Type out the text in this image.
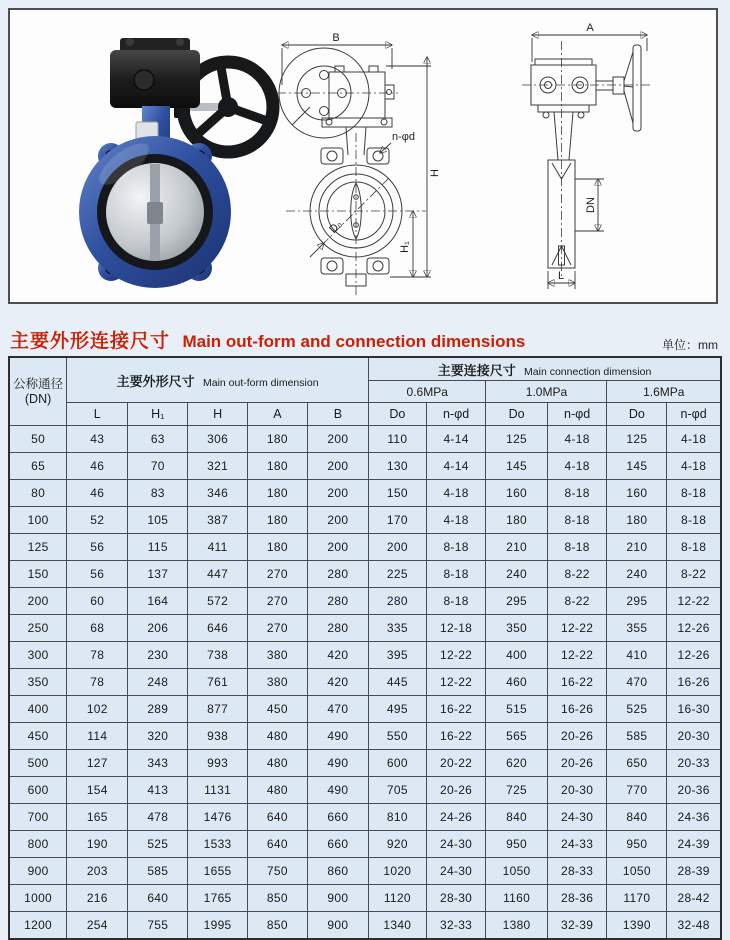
B
H
H₁
n-φd
D₀
A
DN
L
主要外形连接尺寸 Main out-form and connection dimensions	单位：mm
公称通径
(DN)	主要外形尺寸 Main out-form dimension					主要连接尺寸 Main connection dimension					
						0.6MPa		1.0MPa		1.6MPa	
	L	H₁	H	A	B	Do	n-φd	Do	n-φd	Do	n-φd
50	43	63	306	180	200	110	4-14	125	4-18	125	4-18
65	46	70	321	180	200	130	4-14	145	4-18	145	4-18
80	46	83	346	180	200	150	4-18	160	8-18	160	8-18
100	52	105	387	180	200	170	4-18	180	8-18	180	8-18
125	56	115	411	180	200	200	8-18	210	8-18	210	8-18
150	56	137	447	270	280	225	8-18	240	8-22	240	8-22
200	60	164	572	270	280	280	8-18	295	8-22	295	12-22
250	68	206	646	270	280	335	12-18	350	12-22	355	12-26
300	78	230	738	380	420	395	12-22	400	12-22	410	12-26
350	78	248	761	380	420	445	12-22	460	16-22	470	16-26
400	102	289	877	450	470	495	16-22	515	16-26	525	16-30
450	114	320	938	480	490	550	16-22	565	20-26	585	20-30
500	127	343	993	480	490	600	20-22	620	20-26	650	20-33
600	154	413	1131	480	490	705	20-26	725	20-30	770	20-36
700	165	478	1476	640	660	810	24-26	840	24-30	840	24-36
800	190	525	1533	640	660	920	24-30	950	24-33	950	24-39
900	203	585	1655	750	860	1020	24-30	1050	28-33	1050	28-39
1000	216	640	1765	850	900	1120	28-30	1160	28-36	1170	28-42
1200	254	755	1995	850	900	1340	32-33	1380	32-39	1390	32-48
